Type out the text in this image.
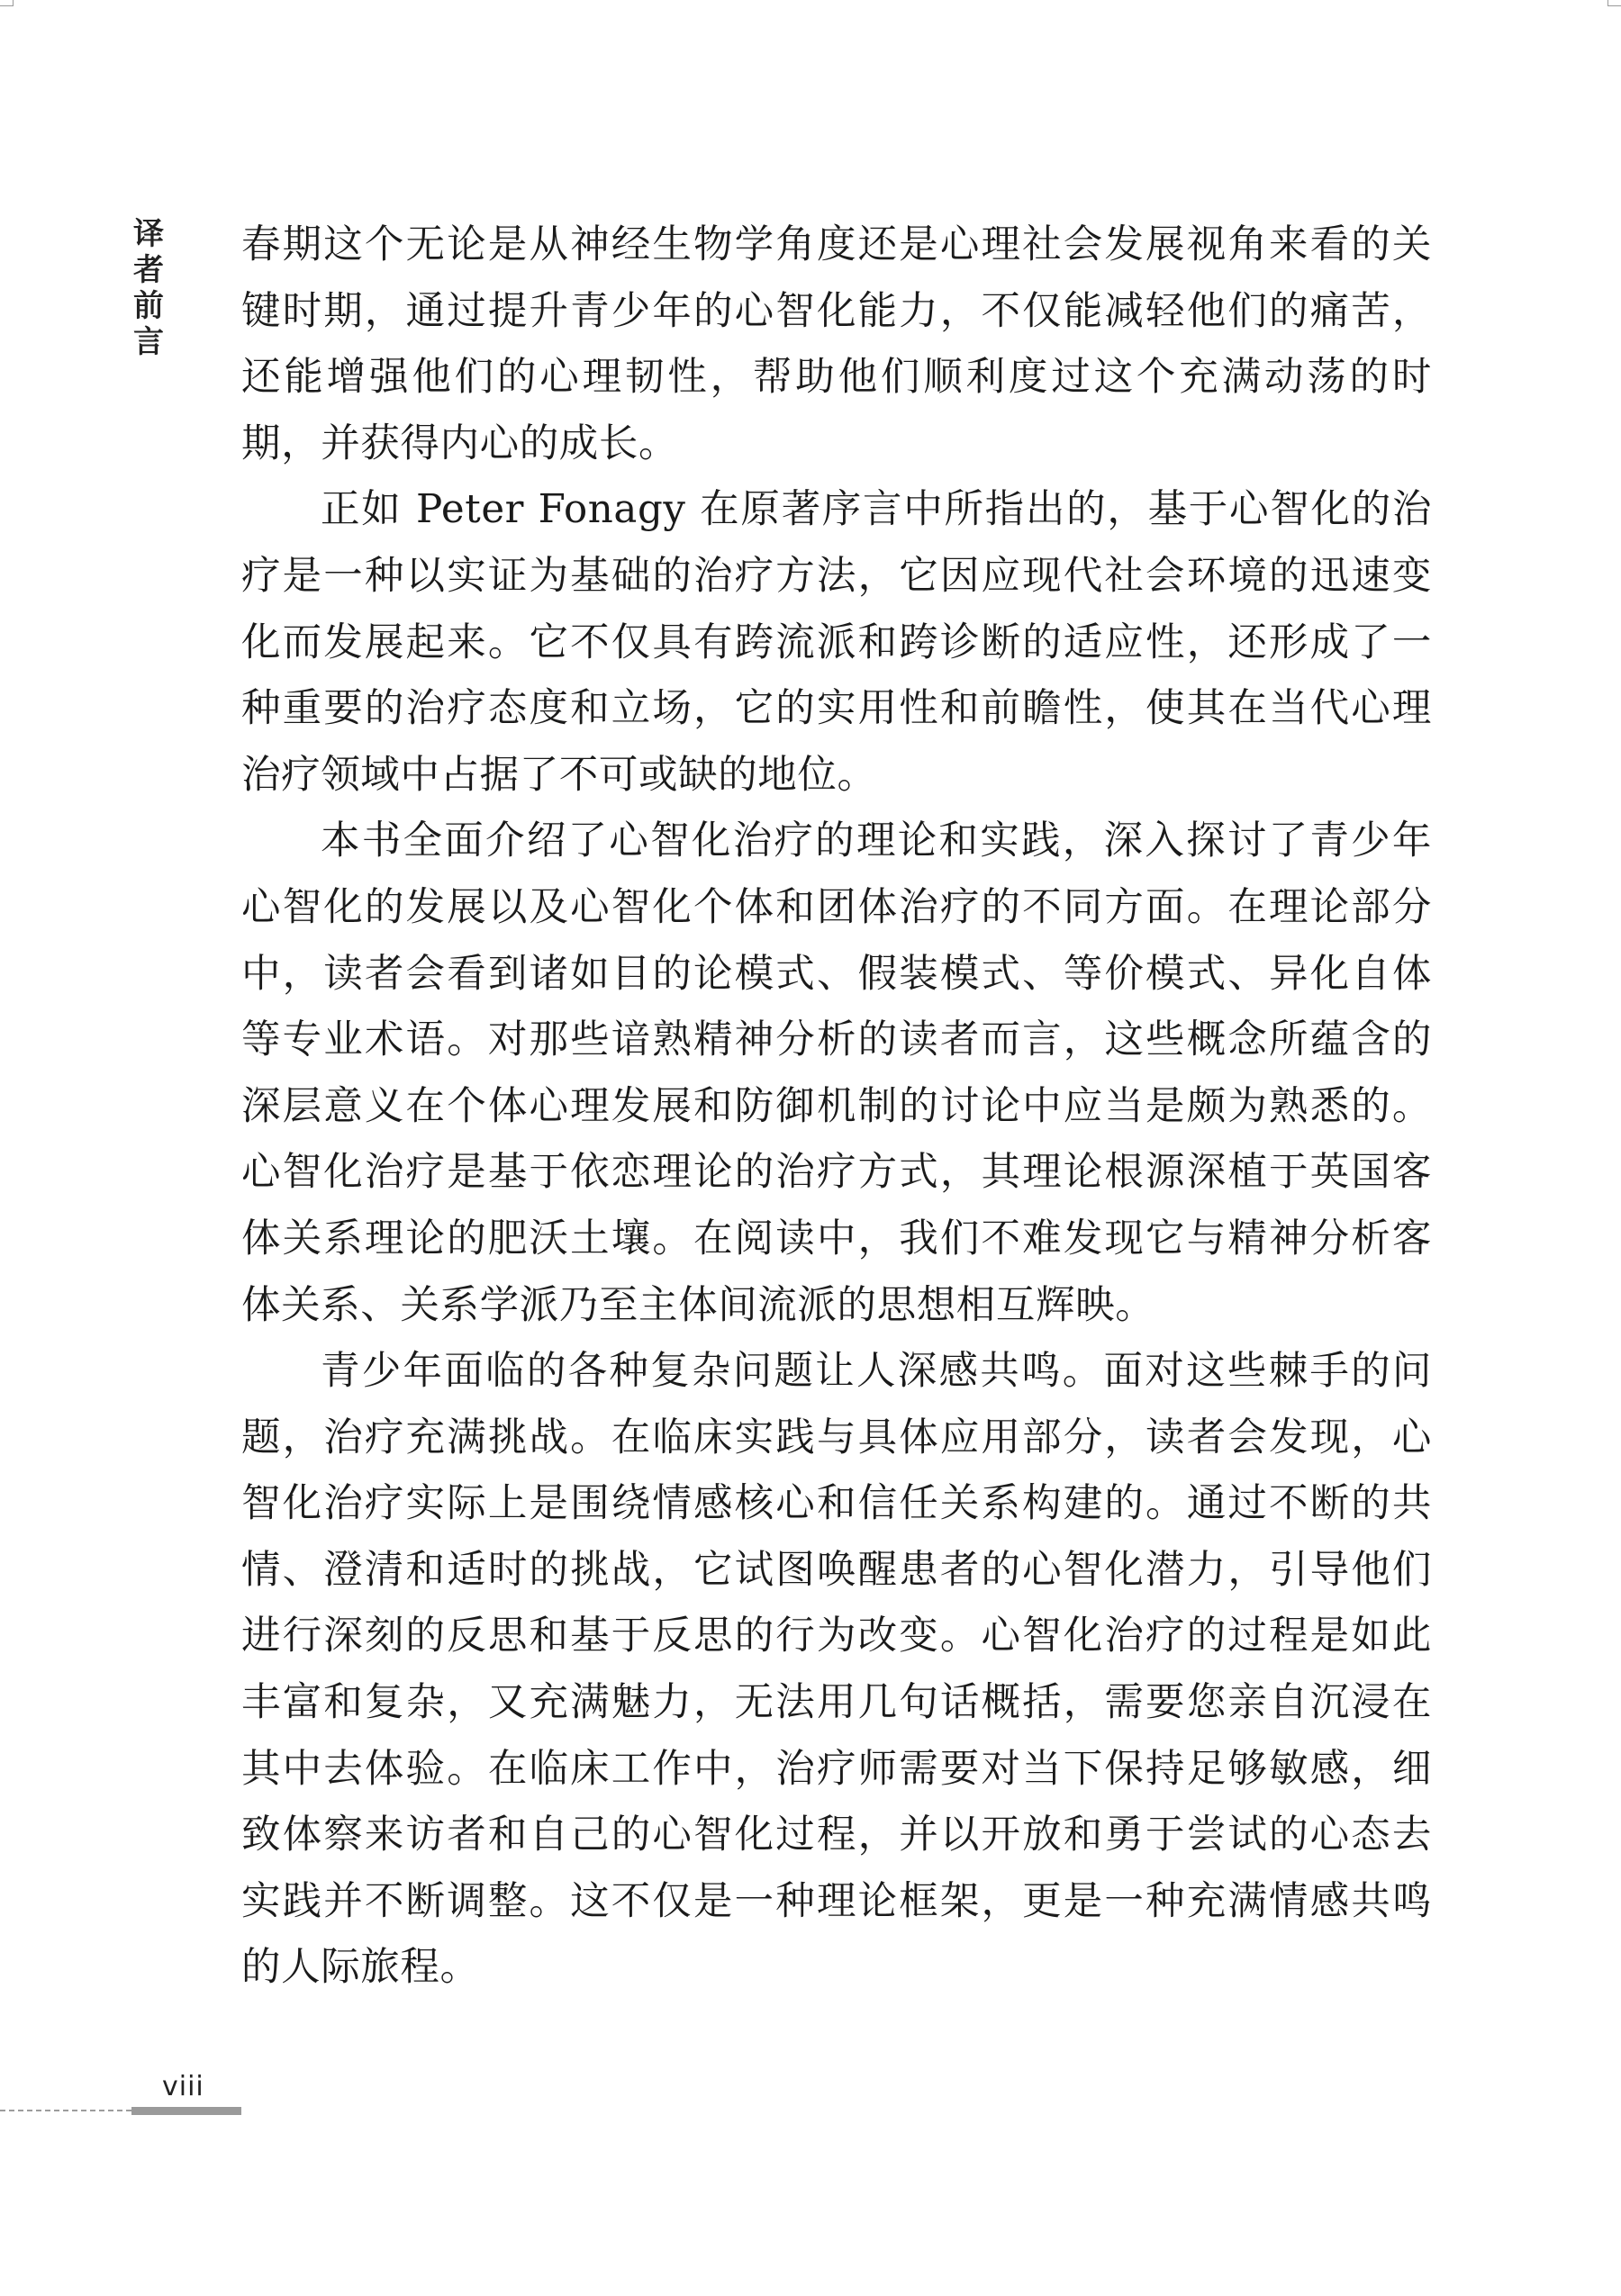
译者前言

春期这个无论是从神经生物学角度还是心理社会发展视角来看的关键时期，通过提升青少年的心智化能力，不仅能减轻他们的痛苦，还能增强他们的心理韧性，帮助他们顺利度过这个充满动荡的时期，并获得内心的成长。

正如 Peter Fonagy 在原著序言中所指出的，基于心智化的治疗是一种以实证为基础的治疗方法，它因应现代社会环境的迅速变化而发展起来。它不仅具有跨流派和跨诊断的适应性，还形成了一种重要的治疗态度和立场，它的实用性和前瞻性，使其在当代心理治疗领域中占据了不可或缺的地位。

本书全面介绍了心智化治疗的理论和实践，深入探讨了青少年心智化的发展以及心智化个体和团体治疗的不同方面。在理论部分中，读者会看到诸如目的论模式、假装模式、等价模式、异化自体等专业术语。对那些谙熟精神分析的读者而言，这些概念所蕴含的深层意义在个体心理发展和防御机制的讨论中应当是颇为熟悉的。心智化治疗是基于依恋理论的治疗方式，其理论根源深植于英国客体关系理论的肥沃土壤。在阅读中，我们不难发现它与精神分析客体关系、关系学派乃至主体间流派的思想相互辉映。

青少年面临的各种复杂问题让人深感共鸣。面对这些棘手的问题，治疗充满挑战。在临床实践与具体应用部分，读者会发现，心智化治疗实际上是围绕情感核心和信任关系构建的。通过不断的共情、澄清和适时的挑战，它试图唤醒患者的心智化潜力，引导他们进行深刻的反思和基于反思的行为改变。心智化治疗的过程是如此丰富和复杂，又充满魅力，无法用几句话概括，需要您亲自沉浸在其中去体验。在临床工作中，治疗师需要对当下保持足够敏感，细致体察来访者和自己的心智化过程，并以开放和勇于尝试的心态去实践并不断调整。这不仅是一种理论框架，更是一种充满情感共鸣的人际旅程。

viii
